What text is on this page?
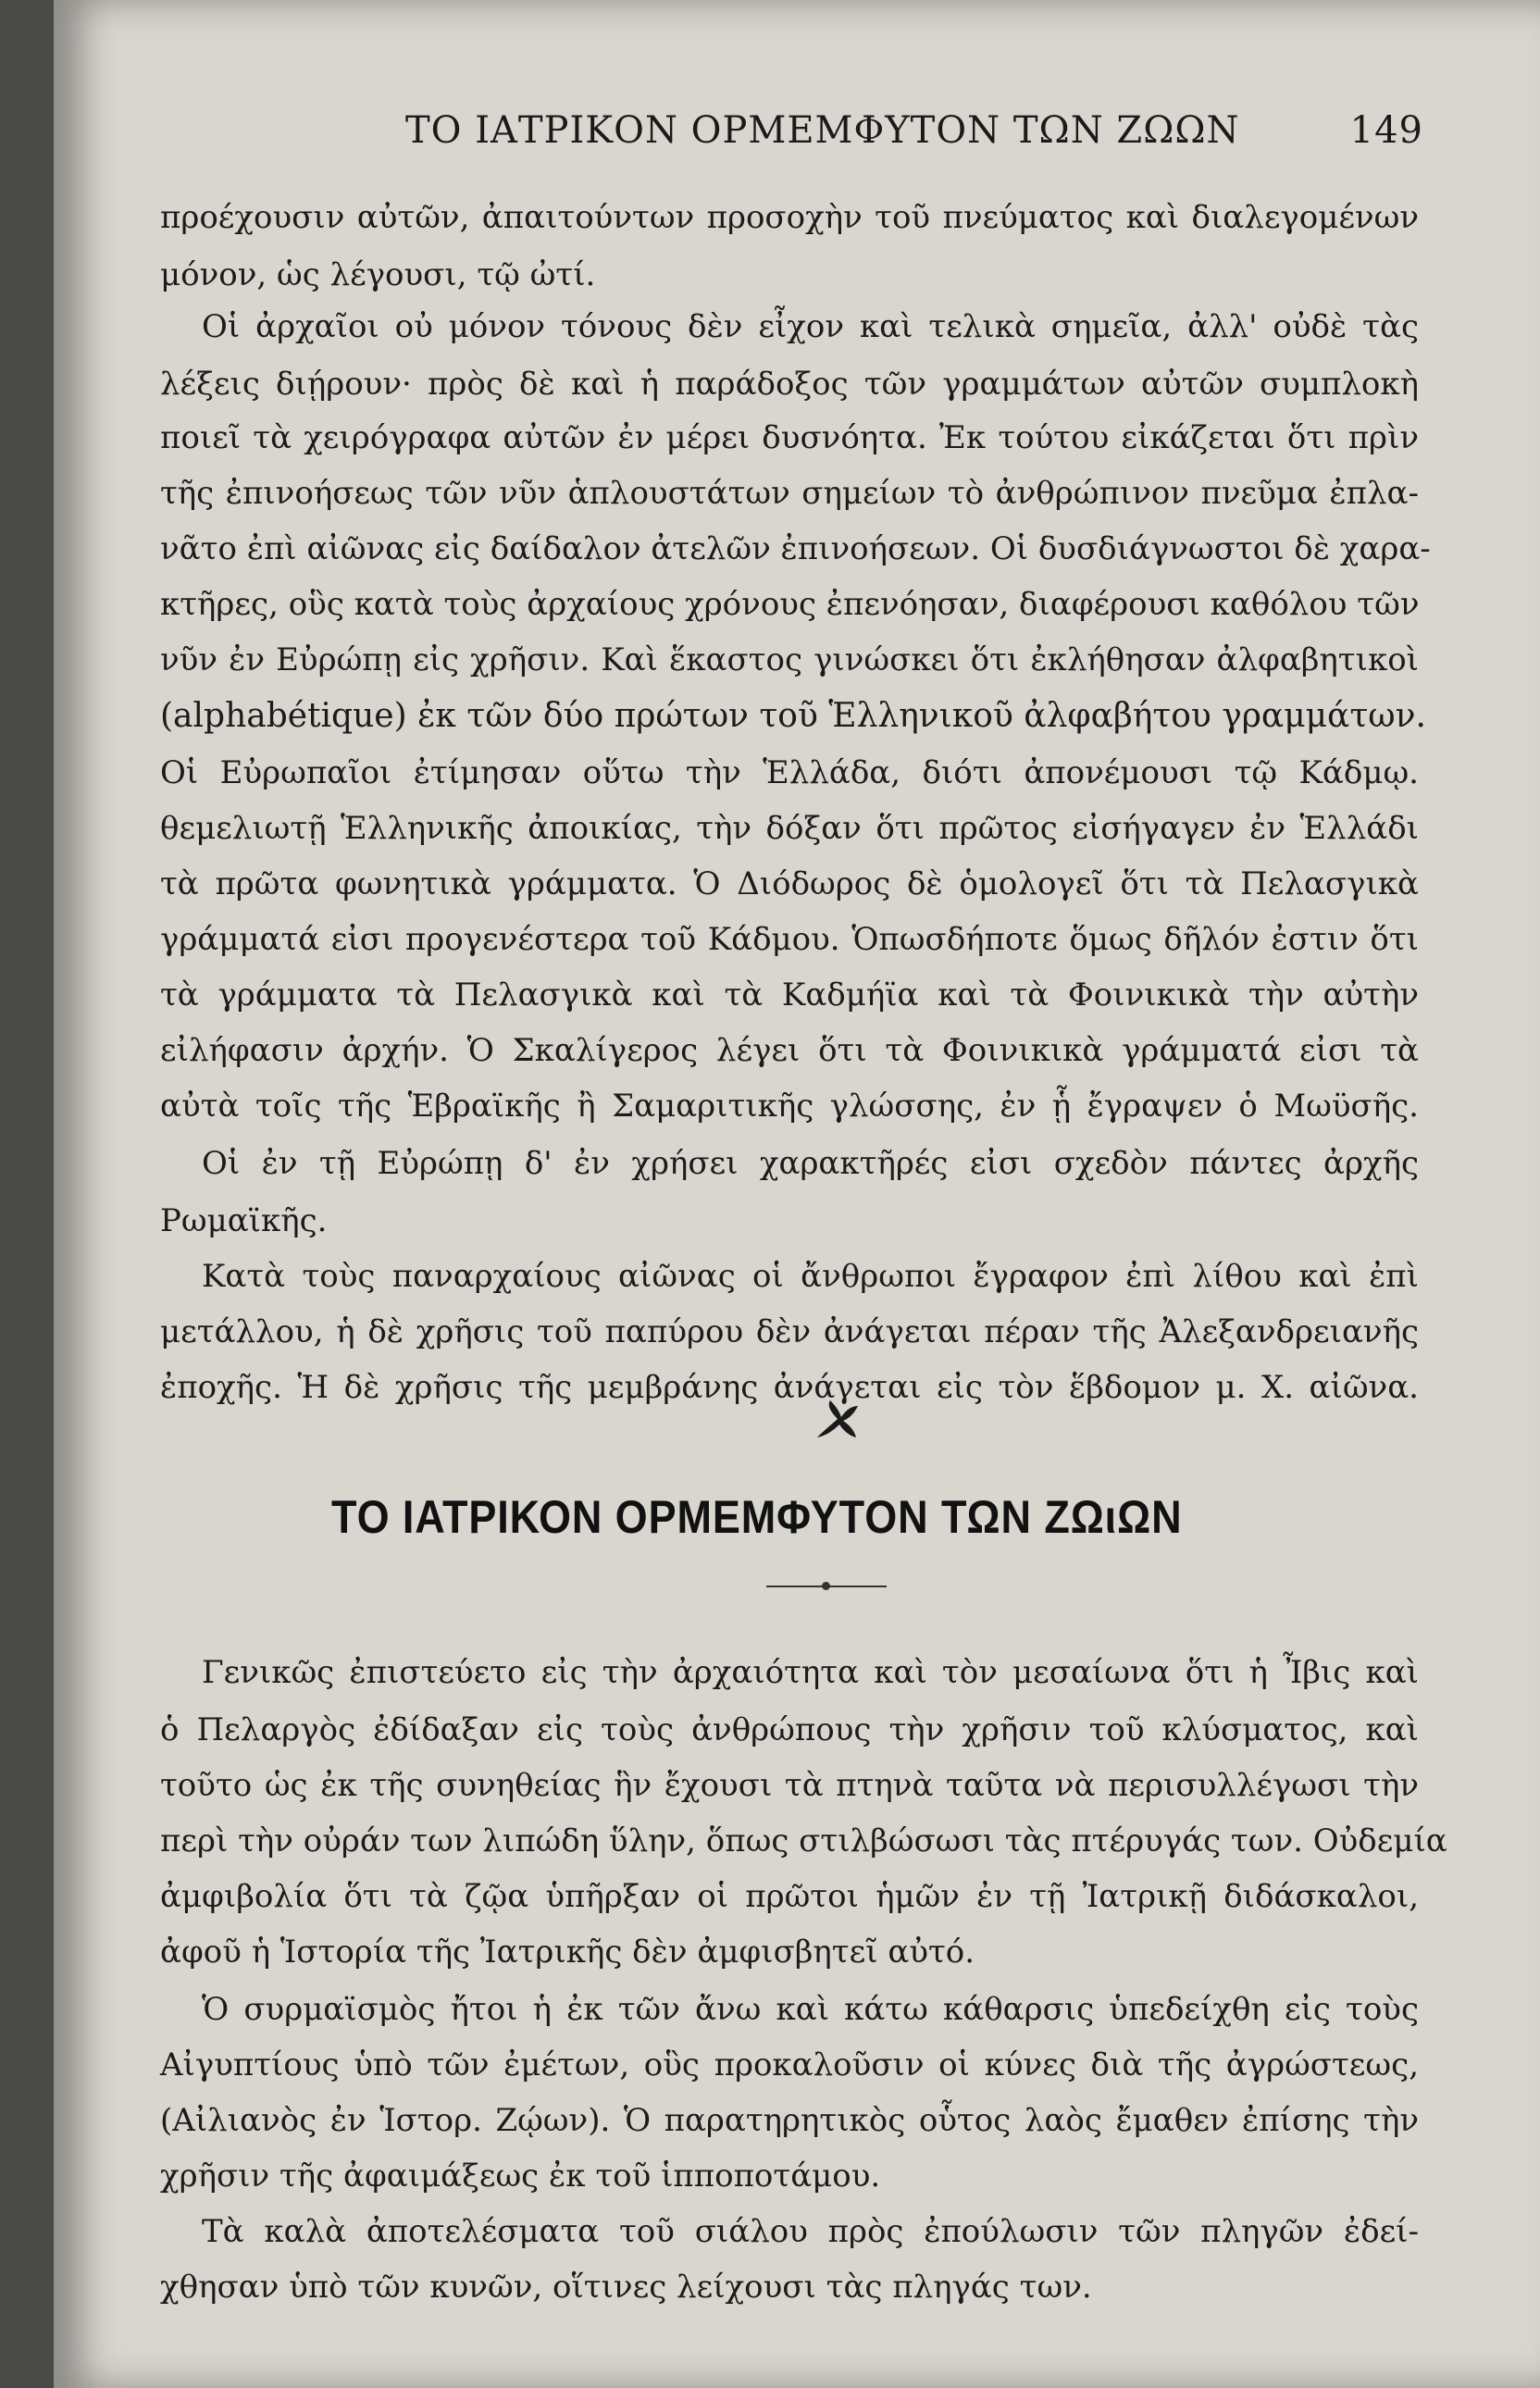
ΤΟ ΙΑΤΡΙΚΟΝ ΟΡΜΕΜΦΥΤΟΝ ΤΩΝ ΖΩΩΝ	149
προέχουσιν αὐτῶν, ἀπαιτούντων προσοχὴν τοῦ πνεύματος καὶ διαλεγομένων
μόνον, ὡς λέγουσι, τῷ ὠτί.
Οἱ ἀρχαῖοι οὐ μόνον τόνους δὲν εἶχον καὶ τελικὰ σημεῖα, ἀλλ' οὐδὲ τὰς
λέξεις διῄρουν· πρὸς δὲ καὶ ἡ παράδοξος τῶν γραμμάτων αὐτῶν συμπλοκὴ
ποιεῖ τὰ χειρόγραφα αὐτῶν ἐν μέρει δυσνόητα. Ἐκ τούτου εἰκάζεται ὅτι πρὶν
τῆς ἐπινοήσεως τῶν νῦν ἁπλουστάτων σημείων τὸ ἀνθρώπινον πνεῦμα ἐπλα-
νᾶτο ἐπὶ αἰῶνας εἰς δαίδαλον ἀτελῶν ἐπινοήσεων. Οἱ δυσδιάγνωστοι δὲ χαρα-
κτῆρες, οὓς κατὰ τοὺς ἀρχαίους χρόνους ἐπενόησαν, διαφέρουσι καθόλου τῶν
νῦν ἐν Εὐρώπῃ εἰς χρῆσιν. Καὶ ἕκαστος γινώσκει ὅτι ἐκλήθησαν ἀλφαβητικοὶ
(alphabétique) ἐκ τῶν δύο πρώτων τοῦ Ἑλληνικοῦ ἀλφαβήτου γραμμάτων.
Οἱ Εὐρωπαῖοι ἐτίμησαν οὕτω τὴν Ἑλλάδα, διότι ἀπονέμουσι τῷ Κάδμῳ.
θεμελιωτῇ Ἑλληνικῆς ἀποικίας, τὴν δόξαν ὅτι πρῶτος εἰσήγαγεν ἐν Ἑλλάδι
τὰ πρῶτα φωνητικὰ γράμματα. Ὁ Διόδωρος δὲ ὁμολογεῖ ὅτι τὰ Πελασγικὰ
γράμματά εἰσι προγενέστερα τοῦ Κάδμου. Ὁπωσδήποτε ὅμως δῆλόν ἐστιν ὅτι
τὰ γράμματα τὰ Πελασγικὰ καὶ τὰ Καδμήϊα καὶ τὰ Φοινικικὰ τὴν αὐτὴν
εἰλήφασιν ἀρχήν. Ὁ Σκαλίγερος λέγει ὅτι τὰ Φοινικικὰ γράμματά εἰσι τὰ
αὐτὰ τοῖς τῆς Ἑβραϊκῆς ἢ Σαμαριτικῆς γλώσσης, ἐν ᾗ ἔγραψεν ὁ Μωϋσῆς.
Οἱ ἐν τῇ Εὐρώπῃ δ' ἐν χρήσει χαρακτῆρές εἰσι σχεδὸν πάντες ἀρχῆς
Ρωμαϊκῆς.
Κατὰ τοὺς παναρχαίους αἰῶνας οἱ ἄνθρωποι ἔγραφον ἐπὶ λίθου καὶ ἐπὶ
μετάλλου, ἡ δὲ χρῆσις τοῦ παπύρου δὲν ἀνάγεται πέραν τῆς Ἀλεξανδρειανῆς
ἐποχῆς. Ἡ δὲ χρῆσις τῆς μεμβράνης ἀνάγεται εἰς τὸν ἕβδομον μ. Χ. αἰῶνα.
ΤΟ ΙΑΤΡΙΚΟΝ ΟΡΜΕΜΦΥΤΟΝ ΤΩΝ ΖΩιΩΝ
Γενικῶς ἐπιστεύετο εἰς τὴν ἀρχαιότητα καὶ τὸν μεσαίωνα ὅτι ἡ Ἶβις καὶ
ὁ Πελαργὸς ἐδίδαξαν εἰς τοὺς ἀνθρώπους τὴν χρῆσιν τοῦ κλύσματος, καὶ
τοῦτο ὡς ἐκ τῆς συνηθείας ἣν ἔχουσι τὰ πτηνὰ ταῦτα νὰ περισυλλέγωσι τὴν
περὶ τὴν οὐράν των λιπώδη ὕλην, ὅπως στιλβώσωσι τὰς πτέρυγάς των. Οὐδεμία
ἀμφιβολία ὅτι τὰ ζῷα ὑπῆρξαν οἱ πρῶτοι ἡμῶν ἐν τῇ Ἰατρικῇ διδάσκαλοι,
ἀφοῦ ἡ Ἱστορία τῆς Ἰατρικῆς δὲν ἀμφισβητεῖ αὐτό.
Ὁ συρμαϊσμὸς ἤτοι ἡ ἐκ τῶν ἄνω καὶ κάτω κάθαρσις ὑπεδείχθη εἰς τοὺς
Αἰγυπτίους ὑπὸ τῶν ἐμέτων, οὓς προκαλοῦσιν οἱ κύνες διὰ τῆς ἀγρώστεως,
(Αἰλιανὸς ἐν Ἱστορ. Ζῴων). Ὁ παρατηρητικὸς οὗτος λαὸς ἔμαθεν ἐπίσης τὴν
χρῆσιν τῆς ἀφαιμάξεως ἐκ τοῦ ἱπποποτάμου.
Τὰ καλὰ ἀποτελέσματα τοῦ σιάλου πρὸς ἐπούλωσιν τῶν πληγῶν ἐδεί-
χθησαν ὑπὸ τῶν κυνῶν, οἵτινες λείχουσι τὰς πληγάς των.
